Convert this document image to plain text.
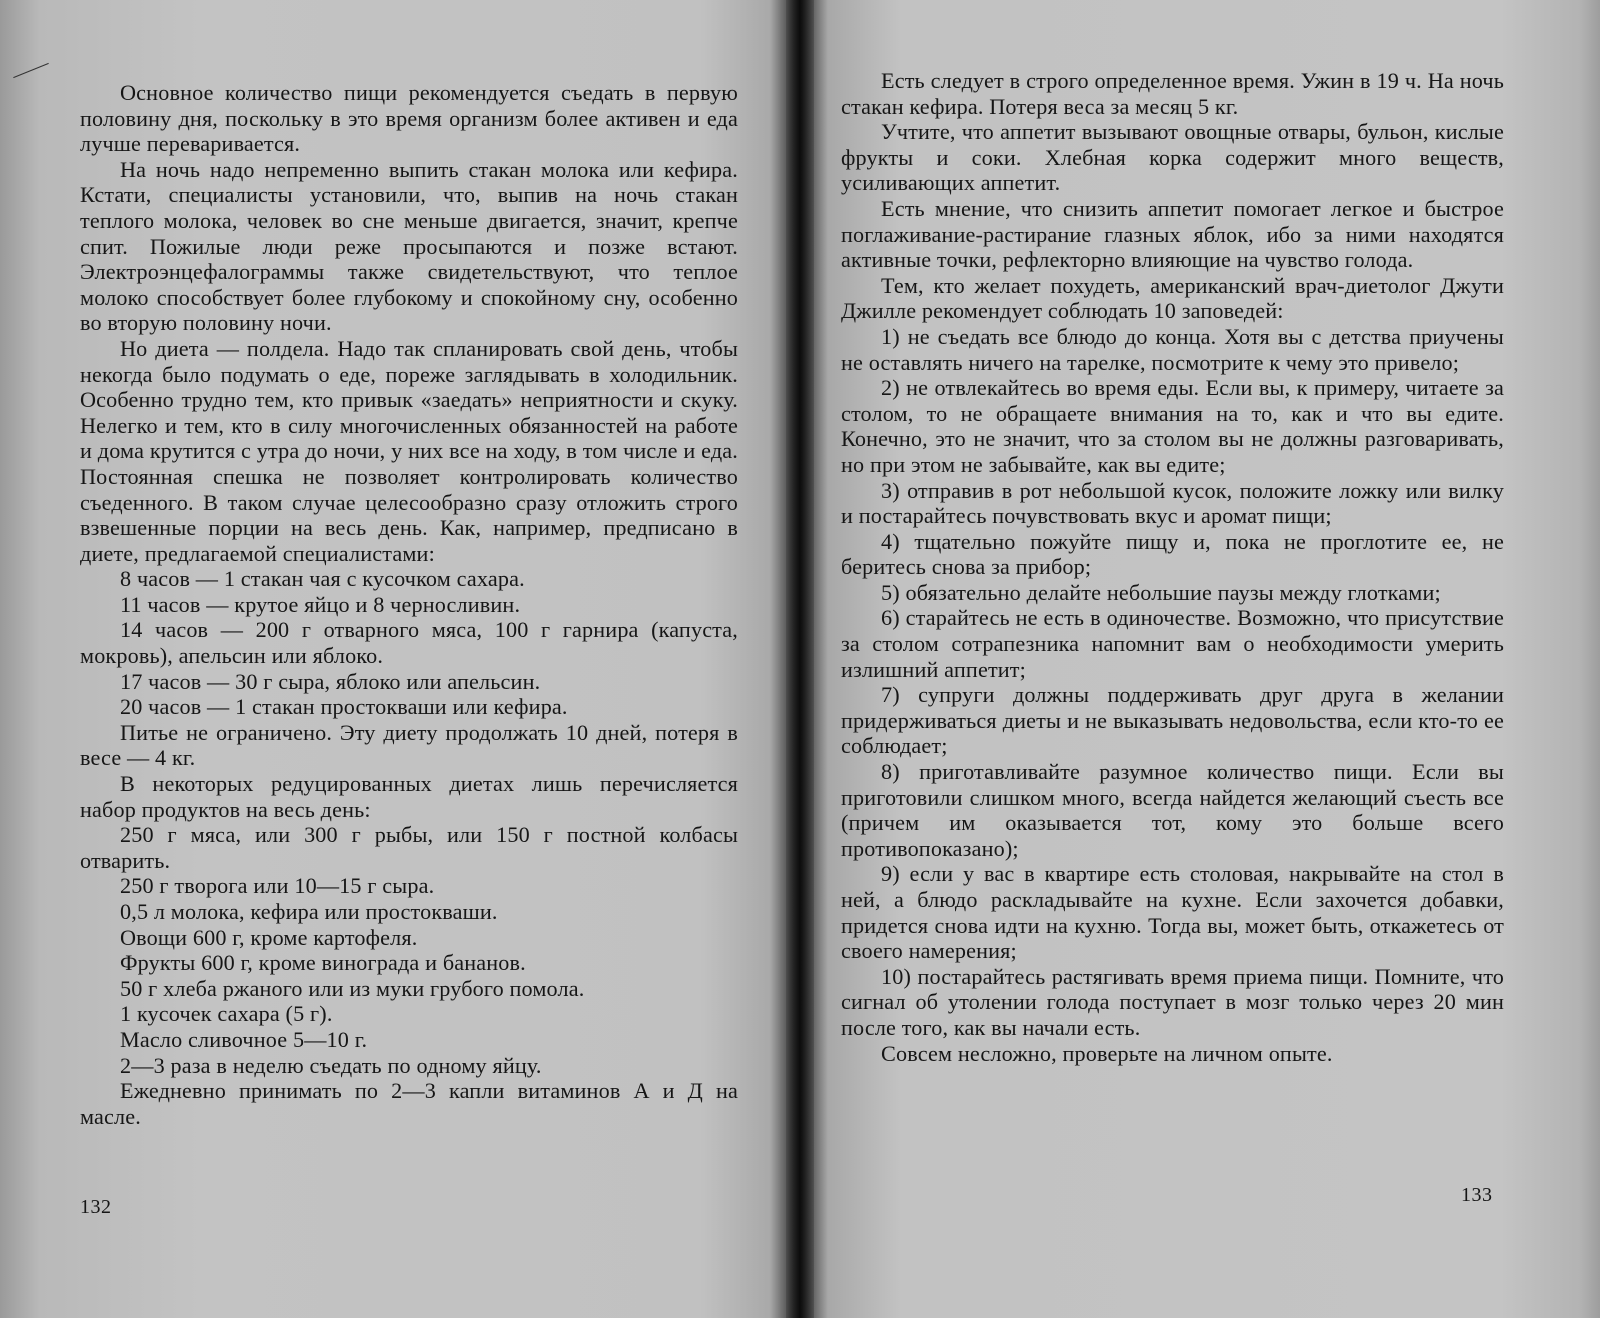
Основное количество пищи рекомендуется съедать в первую половину дня, поскольку в это время организм более активен и еда лучше переваривается.

На ночь надо непременно выпить стакан молока или кефира. Кстати, специалисты установили, что, выпив на ночь стакан теплого молока, человек во сне меньше двигается, значит, крепче спит. Пожилые люди реже просыпаются и позже встают. Электроэнцефалограммы также свидетельствуют, что теплое молоко способствует более глубокому и спокойному сну, особенно во вторую половину ночи.

Но диета — полдела. Надо так спланировать свой день, чтобы некогда было подумать о еде, пореже заглядывать в холодильник. Особенно трудно тем, кто привык «заедать» неприятности и скуку. Нелегко и тем, кто в силу многочисленных обязанностей на работе и дома крутится с утра до ночи, у них все на ходу, в том числе и еда. Постоянная спешка не позволяет контролировать количество съеденного. В таком случае целесообразно сразу отложить строго взвешенные порции на весь день. Как, например, предписано в диете, предлагаемой специалистами:

8 часов — 1 стакан чая с кусочком сахара.

11 часов — крутое яйцо и 8 черносливин.

14 часов — 200 г отварного мяса, 100 г гарнира (капуста, мокровь), апельсин или яблоко.

17 часов — 30 г сыра, яблоко или апельсин.

20 часов — 1 стакан простокваши или кефира.

Питье не ограничено. Эту диету продолжать 10 дней, потеря в весе — 4 кг.

В некоторых редуцированных диетах лишь перечисляется набор продуктов на весь день:

250 г мяса, или 300 г рыбы, или 150 г постной колбасы отварить.

250 г творога или 10—15 г сыра.

0,5 л молока, кефира или простокваши.

Овощи 600 г, кроме картофеля.

Фрукты 600 г, кроме винограда и бананов.

50 г хлеба ржаного или из муки грубого помола.

1 кусочек сахара (5 г).

Масло сливочное 5—10 г.

2—3 раза в неделю съедать по одному яйцу.

Ежедневно принимать по 2—3 капли витаминов А и Д на масле.

132

Есть следует в строго определенное время. Ужин в 19 ч. На ночь стакан кефира. Потеря веса за месяц 5 кг.

Учтите, что аппетит вызывают овощные отвары, бульон, кислые фрукты и соки. Хлебная корка содержит много веществ, усиливающих аппетит.

Есть мнение, что снизить аппетит помогает легкое и быстрое поглаживание-растирание глазных яблок, ибо за ними находятся активные точки, рефлекторно влияющие на чувство голода.

Тем, кто желает похудеть, американский врач-диетолог Джути Джилле рекомендует соблюдать 10 заповедей:

1) не съедать все блюдо до конца. Хотя вы с детства приучены не оставлять ничего на тарелке, посмотрите к чему это привело;

2) не отвлекайтесь во время еды. Если вы, к примеру, читаете за столом, то не обращаете внимания на то, как и что вы едите. Конечно, это не значит, что за столом вы не должны разговаривать, но при этом не забывайте, как вы едите;

3) отправив в рот небольшой кусок, положите ложку или вилку и постарайтесь почувствовать вкус и аромат пищи;

4) тщательно пожуйте пищу и, пока не проглотите ее, не беритесь снова за прибор;

5) обязательно делайте небольшие паузы между глотками;

6) старайтесь не есть в одиночестве. Возможно, что присутствие за столом сотрапезника напомнит вам о необходимости умерить излишний аппетит;

7) супруги должны поддерживать друг друга в желании придерживаться диеты и не выказывать недовольства, если кто-то ее соблюдает;

8) приготавливайте разумное количество пищи. Если вы приготовили слишком много, всегда найдется желающий съесть все (причем им оказывается тот, кому это больше всего противопоказано);

9) если у вас в квартире есть столовая, накрывайте на стол в ней, а блюдо раскладывайте на кухне. Если захочется добавки, придется снова идти на кухню. Тогда вы, может быть, откажетесь от своего намерения;

10) постарайтесь растягивать время приема пищи. Помните, что сигнал об утолении голода поступает в мозг только через 20 мин после того, как вы начали есть.

Совсем несложно, проверьте на личном опыте.

133
